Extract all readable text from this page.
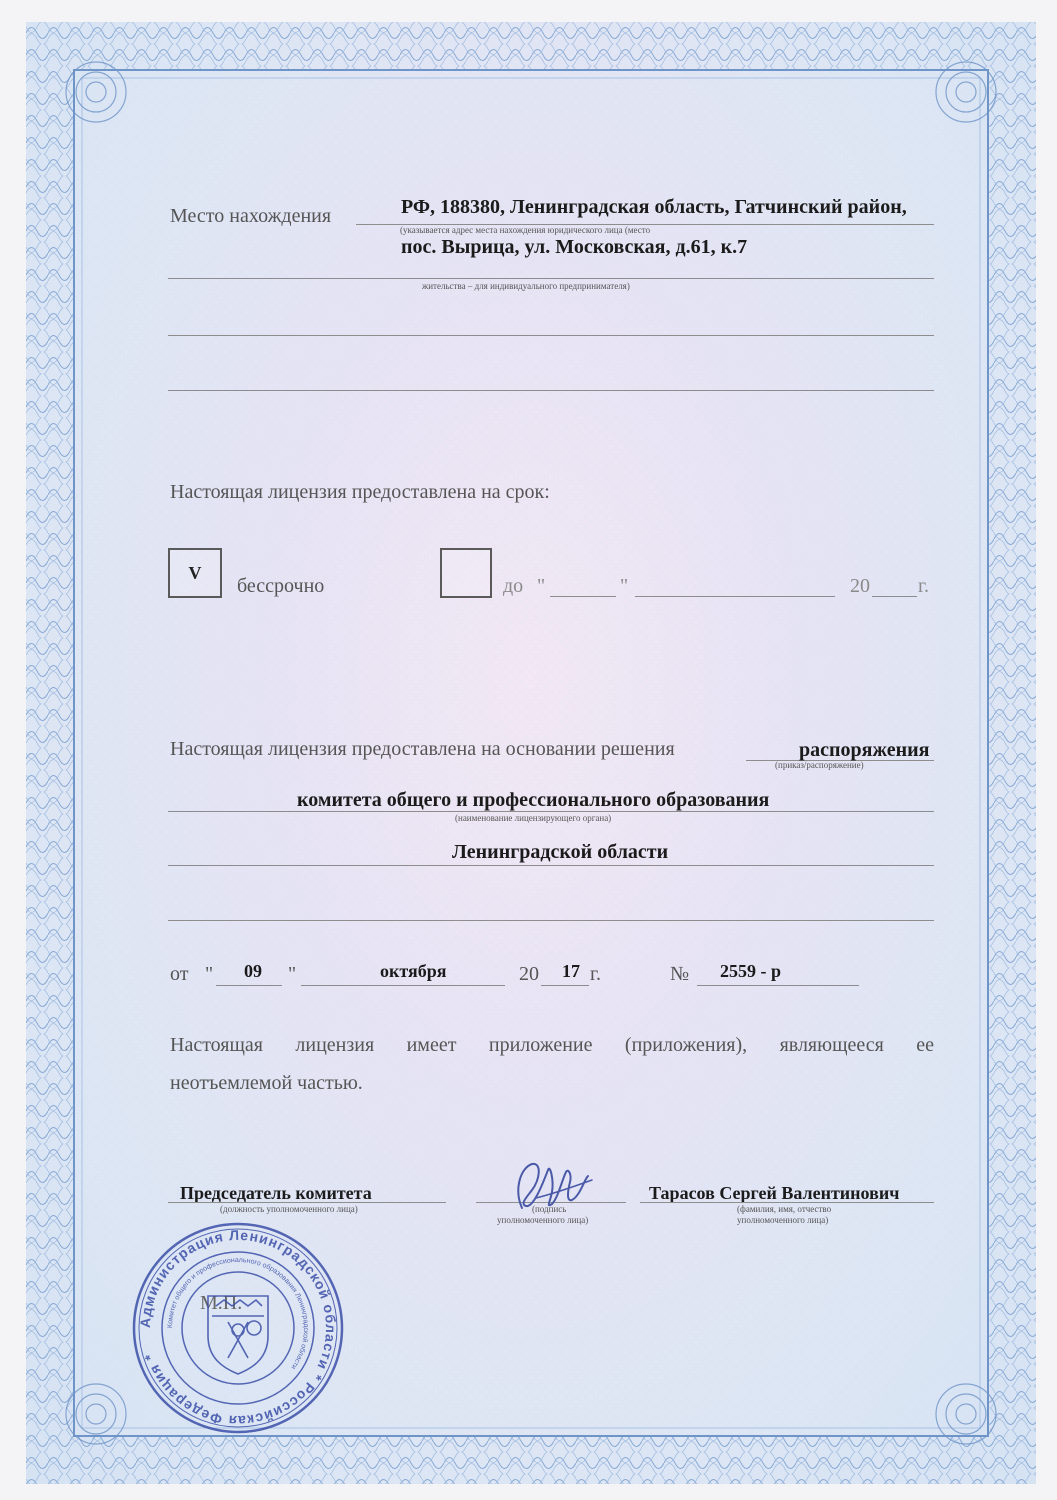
Место нахождения	РФ, 188380, Ленинградская область, Гатчинский район,
(указывается адрес места нахождения юридического лица (место
пос. Вырица, ул. Московская, д.61, к.7
жительства – для индивидуального предпринимателя)
Настоящая лицензия предоставлена на срок:
V
бессрочно	до "	"	20 г.
Настоящая лицензия предоставлена на основании решения	распоряжения
(приказ/распоряжение)
комитета общего и профессионального образования
(наименование лицензирующего органа)
Ленинградской области
от " 09 "	октября	20 17 г.	№ 2559 - р
Настоящая лицензия имеет приложение (приложения), являющееся ее
неотъемлемой частью.
Председатель комитета
(должность уполномоченного лица)	(подпись
уполномоченного лица)
Тарасов Сергей Валентинович
(фамилия, имя, отчество
уполномоченного лица)
М.П.
Администрация Ленинградской области * Российская Федерация *
Комитет общего и профессионального образования Ленинградской области
